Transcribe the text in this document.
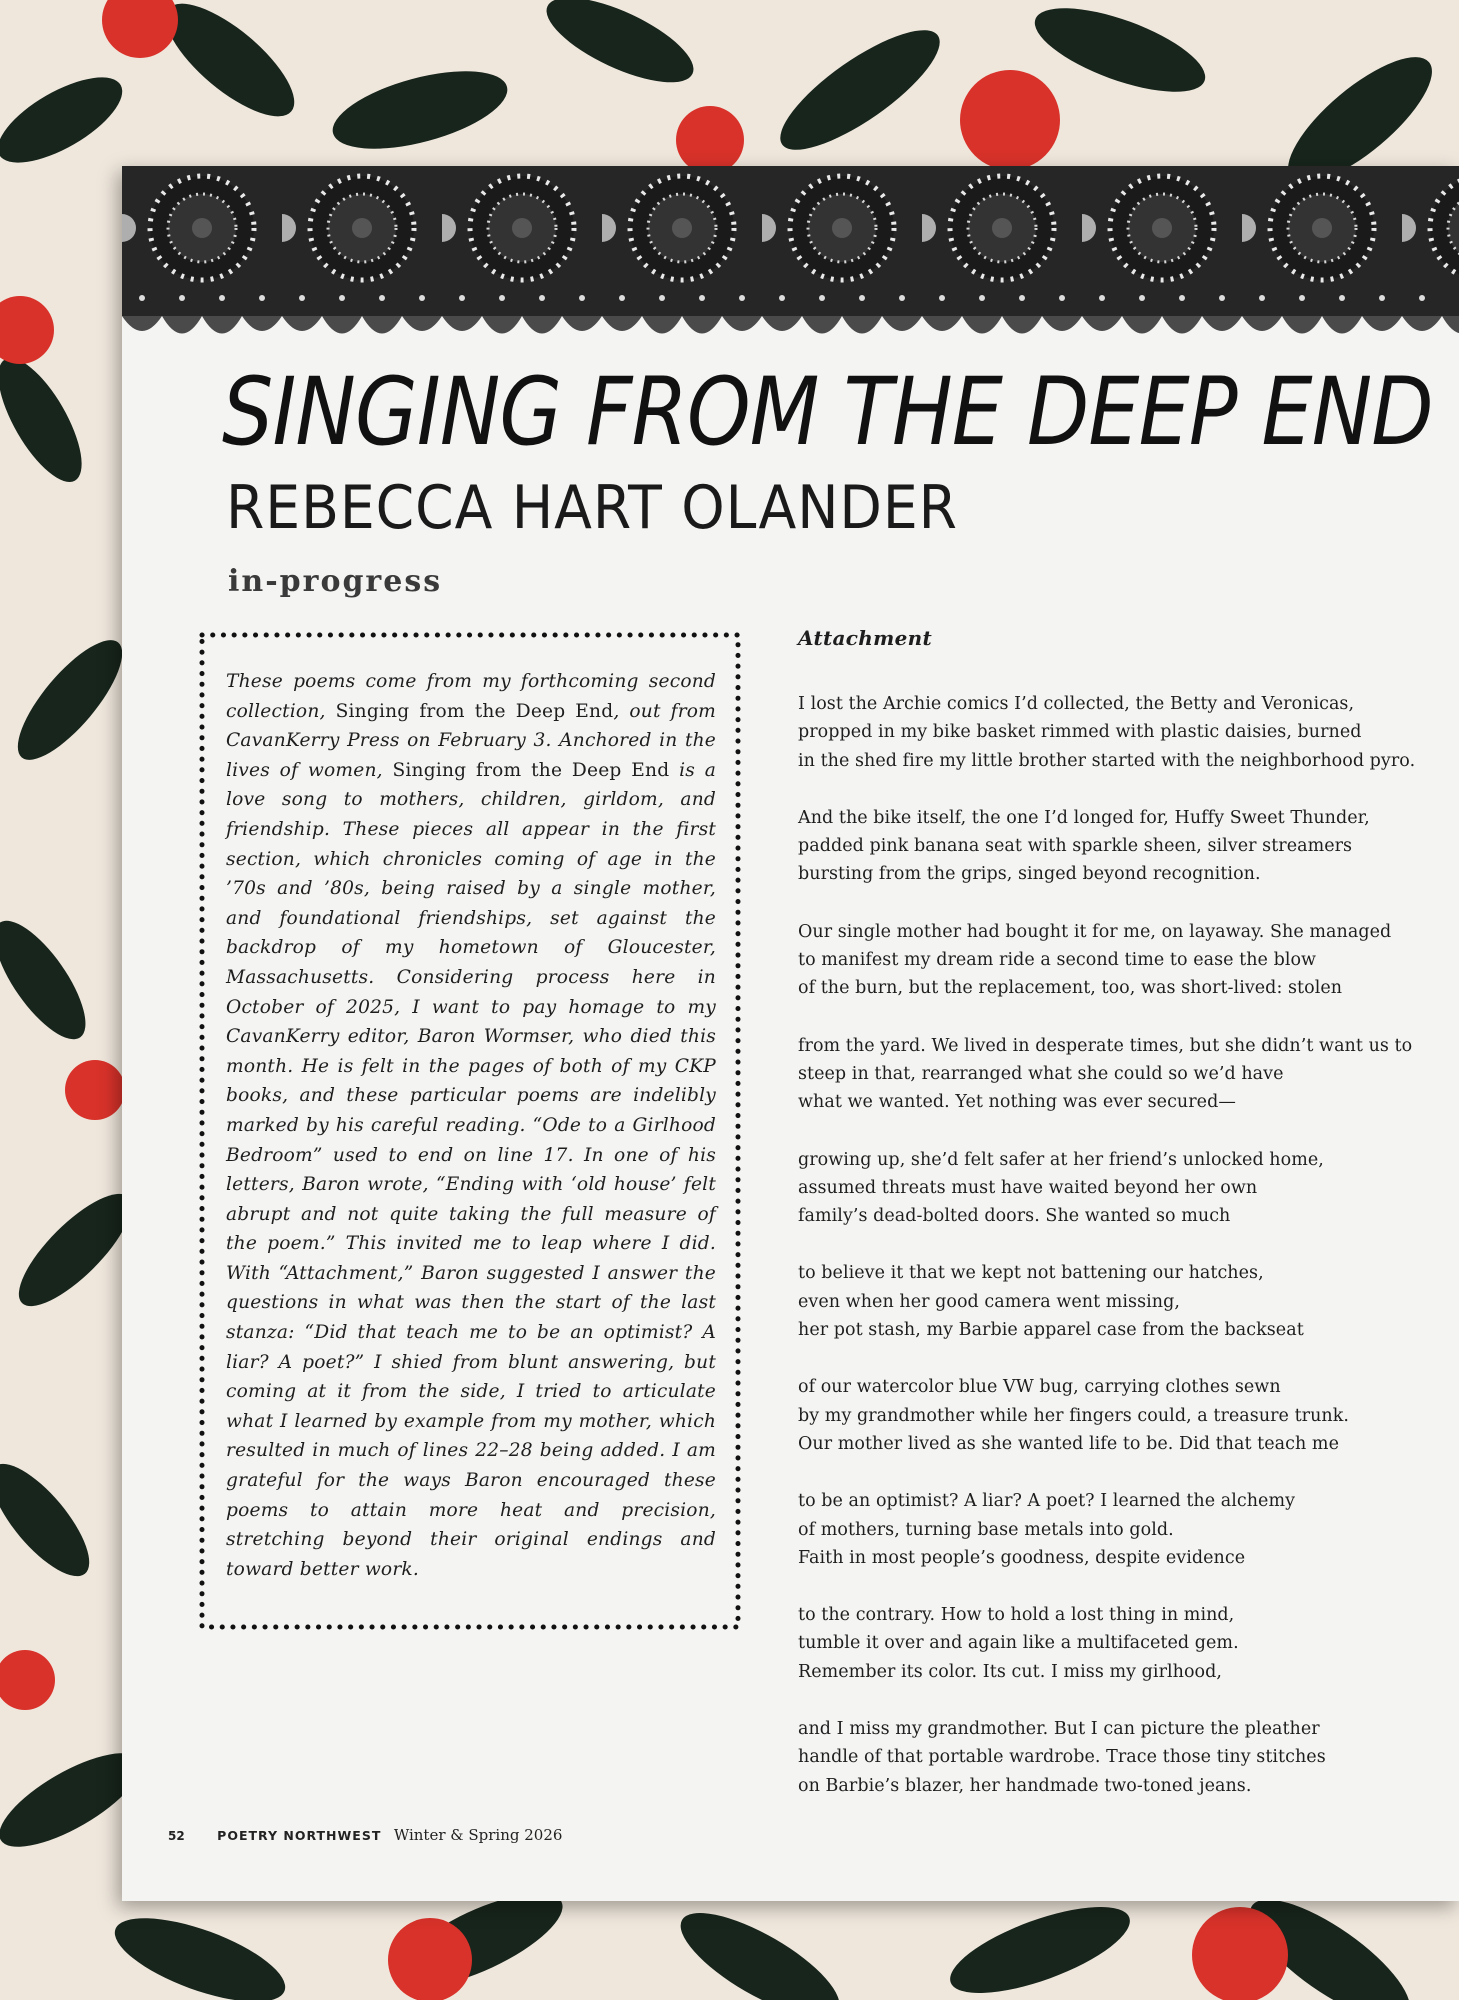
SINGING FROM THE DEEP END
REBECCA HART OLANDER
in-progress
These poems come from my forthcoming second collection, Singing from the Deep End, out from CavanKerry Press on February 3. Anchored in the lives of women, Singing from the Deep End is a love song to mothers, children, girldom, and friendship. These pieces all appear in the first section, which chronicles coming of age in the ’70s and ’80s, being raised by a single mother, and foundational friendships, set against the backdrop of my hometown of Gloucester, Massachusetts. Considering process here in October of 2025, I want to pay homage to my CavanKerry editor, Baron Wormser, who died this month. He is felt in the pages of both of my CKP books, and these particular poems are indelibly marked by his careful reading. “Ode to a Girlhood Bedroom” used to end on line 17. In one of his letters, Baron wrote, “Ending with ‘old house’ felt abrupt and not quite taking the full measure of the poem.” This invited me to leap where I did. With “Attachment,” Baron suggested I answer the questions in what was then the start of the last stanza: “Did that teach me to be an optimist? A liar? A poet?” I shied from blunt answering, but coming at it from the side, I tried to articulate what I learned by example from my mother, which resulted in much of lines 22–28 being added. I am grateful for the ways Baron encouraged these poems to attain more heat and precision, stretching beyond their original endings and toward better work.
Attachment
I lost the Archie comics I’d collected, the Betty and Veronicas,
propped in my bike basket rimmed with plastic daisies, burned
in the shed fire my little brother started with the neighborhood pyro.
And the bike itself, the one I’d longed for, Huffy Sweet Thunder,
padded pink banana seat with sparkle sheen, silver streamers
bursting from the grips, singed beyond recognition.
Our single mother had bought it for me, on layaway. She managed
to manifest my dream ride a second time to ease the blow
of the burn, but the replacement, too, was short-lived: stolen
from the yard. We lived in desperate times, but she didn’t want us to
steep in that, rearranged what she could so we’d have
what we wanted. Yet nothing was ever secured—
growing up, she’d felt safer at her friend’s unlocked home,
assumed threats must have waited beyond her own
family’s dead-bolted doors. She wanted so much
to believe it that we kept not battening our hatches,
even when her good camera went missing,
her pot stash, my Barbie apparel case from the backseat
of our watercolor blue VW bug, carrying clothes sewn
by my grandmother while her fingers could, a treasure trunk.
Our mother lived as she wanted life to be. Did that teach me
to be an optimist? A liar? A poet? I learned the alchemy
of mothers, turning base metals into gold.
Faith in most people’s goodness, despite evidence
to the contrary. How to hold a lost thing in mind,
tumble it over and again like a multifaceted gem.
Remember its color. Its cut. I miss my girlhood,
and I miss my grandmother. But I can picture the pleather
handle of that portable wardrobe. Trace those tiny stitches
on Barbie’s blazer, her handmade two-toned jeans.
52	POETRY NORTHWEST Winter & Spring 2026
